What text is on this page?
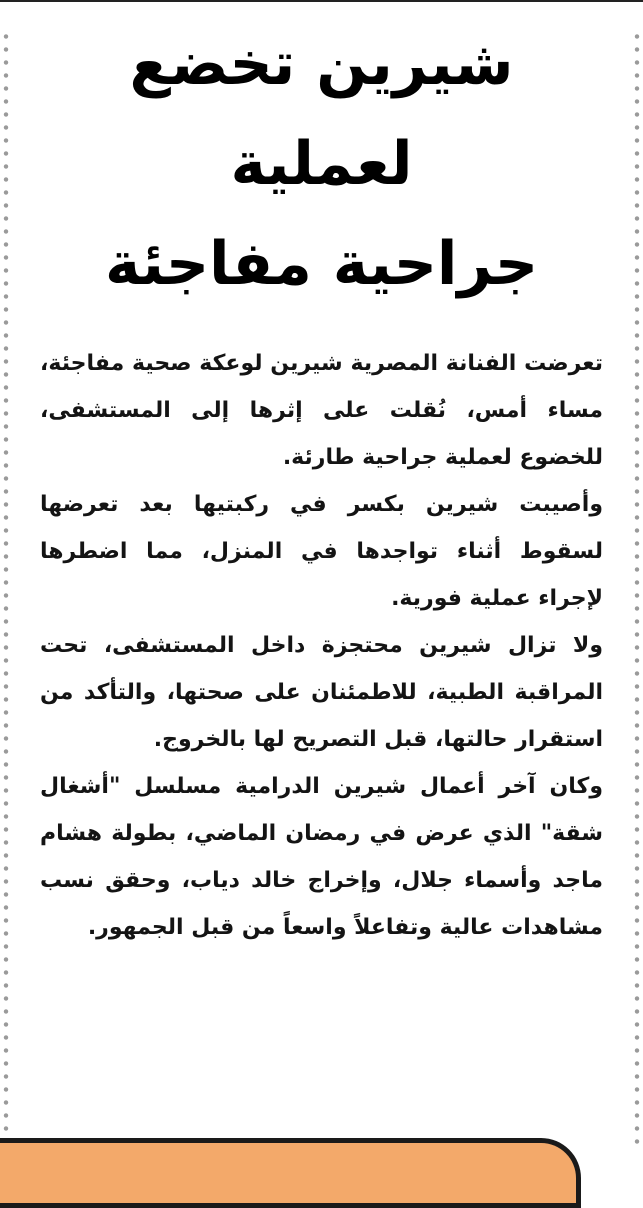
شيرين تخضع لعملية
جراحية مفاجئة

تعرضت الفنانة المصرية شيرين لوعكة صحية مفاجئة، مساء أمس، نُقلت على إثرها إلى المستشفى، للخضوع لعملية جراحية طارئة.

وأصيبت شيرين بكسر في ركبتيها بعد تعرضها لسقوط أثناء تواجدها في المنزل، مما اضطرها لإجراء عملية فورية.

ولا تزال شيرين محتجزة داخل المستشفى، تحت المراقبة الطبية، للاطمئنان على صحتها، والتأكد من استقرار حالتها، قبل التصريح لها بالخروج.

وكان آخر أعمال شيرين الدرامية مسلسل "أشغال شقة" الذي عرض في رمضان الماضي، بطولة هشام ماجد وأسماء جلال، وإخراج خالد دياب، وحقق نسب مشاهدات عالية وتفاعلاً واسعاً من قبل الجمهور.
